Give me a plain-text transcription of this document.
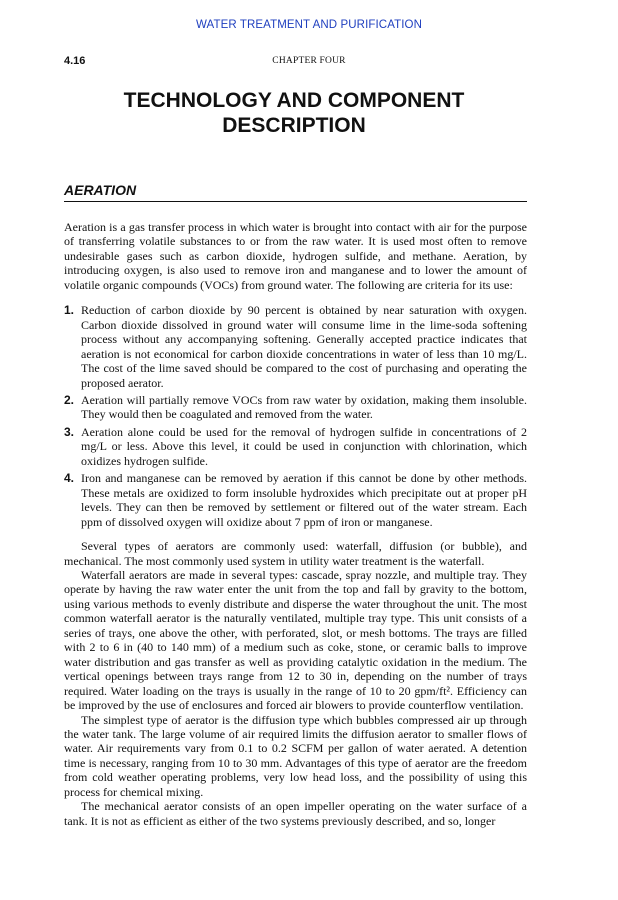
WATER TREATMENT AND PURIFICATION
4.16	CHAPTER FOUR
TECHNOLOGY AND COMPONENT
DESCRIPTION
AERATION

Aeration is a gas transfer process in which water is brought into contact with air for the purpose of transferring volatile substances to or from the raw water. It is used most often to remove undesirable gases such as carbon dioxide, hydrogen sulfide, and methane. Aeration, by introducing oxygen, is also used to remove iron and manganese and to lower the amount of volatile organic compounds (VOCs) from ground water. The following are criteria for its use:

1. Reduction of carbon dioxide by 90 percent is obtained by near saturation with oxygen. Carbon dioxide dissolved in ground water will consume lime in the lime-soda softening process without any accompanying softening. Generally accepted practice indicates that aeration is not economical for carbon dioxide concentrations in water of less than 10 mg/L. The cost of the lime saved should be compared to the cost of purchasing and operating the proposed aerator.
2. Aeration will partially remove VOCs from raw water by oxidation, making them insoluble. They would then be coagulated and removed from the water.
3. Aeration alone could be used for the removal of hydrogen sulfide in concentrations of 2 mg/L or less. Above this level, it could be used in conjunction with chlorination, which oxidizes hydrogen sulfide.
4. Iron and manganese can be removed by aeration if this cannot be done by other methods. These metals are oxidized to form insoluble hydroxides which precipitate out at proper pH levels. They can then be removed by settlement or filtered out of the water stream. Each ppm of dissolved oxygen will oxidize about 7 ppm of iron or manganese.

Several types of aerators are commonly used: waterfall, diffusion (or bubble), and mechanical. The most commonly used system in utility water treatment is the waterfall.

Waterfall aerators are made in several types: cascade, spray nozzle, and multiple tray. They operate by having the raw water enter the unit from the top and fall by gravity to the bottom, using various methods to evenly distribute and disperse the water throughout the unit. The most common waterfall aerator is the naturally ventilated, multiple tray type. This unit consists of a series of trays, one above the other, with perforated, slot, or mesh bottoms. The trays are filled with 2 to 6 in (40 to 140 mm) of a medium such as coke, stone, or ceramic balls to improve water distribution and gas transfer as well as providing catalytic oxidation in the medium. The vertical openings between trays range from 12 to 30 in, depending on the number of trays required. Water loading on the trays is usually in the range of 10 to 20 gpm/ft². Efficiency can be improved by the use of enclosures and forced air blowers to provide counterflow ventilation.

The simplest type of aerator is the diffusion type which bubbles compressed air up through the water tank. The large volume of air required limits the diffusion aerator to smaller flows of water. Air requirements vary from 0.1 to 0.2 SCFM per gallon of water aerated. A detention time is necessary, ranging from 10 to 30 mm. Advantages of this type of aerator are the freedom from cold weather operating problems, very low head loss, and the possibility of using this process for chemical mixing.

The mechanical aerator consists of an open impeller operating on the water surface of a tank. It is not as efficient as either of the two systems previously described, and so, longer
